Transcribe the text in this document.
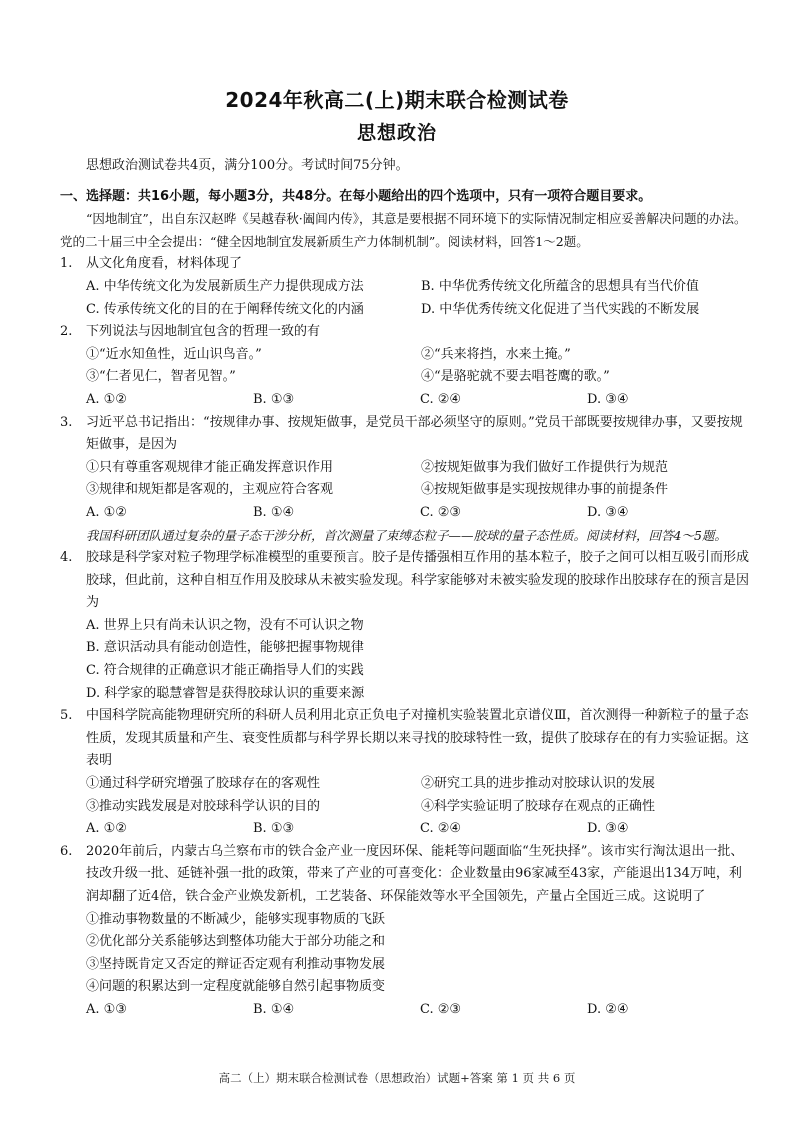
2024年秋高二(上)期末联合检测试卷
思想政治
思想政治测试卷共4页，满分100分。考试时间75分钟。
一、选择题：共16小题，每小题3分，共48分。在每小题给出的四个选项中，只有一项符合题目要求。
“因地制宜”，出自东汉赵晔《吴越春秋·阖闾内传》，其意是要根据不同环境下的实际情况制定相应妥善解决问题的办法。党的二十届三中全会提出：“健全因地制宜发展新质生产力体制机制”。阅读材料，回答1～2题。
1. 从文化角度看，材料体现了
A. 中华传统文化为发展新质生产力提供现成方法	B. 中华优秀传统文化所蕴含的思想具有当代价值
C. 传承传统文化的目的在于阐释传统文化的内涵	D. 中华优秀传统文化促进了当代实践的不断发展
2. 下列说法与因地制宜包含的哲理一致的有
①“近水知鱼性，近山识鸟音。”	②“兵来将挡，水来土掩。”
③“仁者见仁，智者见智。”	④“是骆驼就不要去唱苍鹰的歌。”
A. ①②	B. ①③	C. ②④	D. ③④
3. 习近平总书记指出：“按规律办事、按规矩做事，是党员干部必须坚守的原则。”党员干部既要按规律办事，又要按规矩做事，是因为
①只有尊重客观规律才能正确发挥意识作用	②按规矩做事为我们做好工作提供行为规范
③规律和规矩都是客观的，主观应符合客观	④按规矩做事是实现按规律办事的前提条件
A. ①②	B. ①④	C. ②③	D. ③④
我国科研团队通过复杂的量子态干涉分析，首次测量了束缚态粒子——胶球的量子态性质。阅读材料，回答4～5题。
4. 胶球是科学家对粒子物理学标准模型的重要预言。胶子是传播强相互作用的基本粒子，胶子之间可以相互吸引而形成胶球，但此前，这种自相互作用及胶球从未被实验发现。科学家能够对未被实验发现的胶球作出胶球存在的预言是因为
A. 世界上只有尚未认识之物，没有不可认识之物
B. 意识活动具有能动创造性，能够把握事物规律
C. 符合规律的正确意识才能正确指导人们的实践
D. 科学家的聪慧睿智是获得胶球认识的重要来源
5. 中国科学院高能物理研究所的科研人员利用北京正负电子对撞机实验装置北京谱仪Ⅲ，首次测得一种新粒子的量子态性质，发现其质量和产生、衰变性质都与科学界长期以来寻找的胶球特性一致，提供了胶球存在的有力实验证据。这表明
①通过科学研究增强了胶球存在的客观性	②研究工具的进步推动对胶球认识的发展
③推动实践发展是对胶球科学认识的目的	④科学实验证明了胶球存在观点的正确性
A. ①②	B. ①③	C. ②④	D. ③④
6. 2020年前后，内蒙古乌兰察布市的铁合金产业一度因环保、能耗等问题面临“生死抉择”。该市实行淘汰退出一批、技改升级一批、延链补强一批的政策，带来了产业的可喜变化：企业数量由96家减至43家，产能退出134万吨，利润却翻了近4倍，铁合金产业焕发新机，工艺装备、环保能效等水平全国领先，产量占全国近三成。这说明了
①推动事物数量的不断减少，能够实现事物质的飞跃
②优化部分关系能够达到整体功能大于部分功能之和
③坚持既肯定又否定的辩证否定观有利推动事物发展
④问题的积累达到一定程度就能够自然引起事物质变
A. ①③	B. ①④	C. ②③	D. ②④
高二（上）期末联合检测试卷（思想政治）试题+答案 第 1 页 共 6 页
